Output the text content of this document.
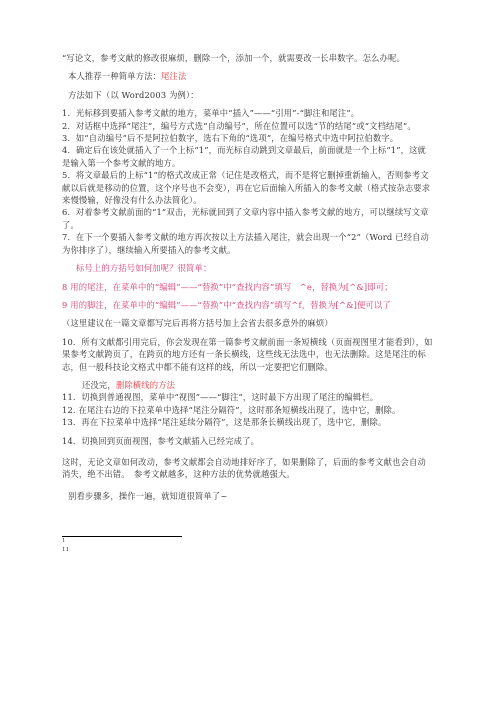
“写论文，参考文献的修改很麻烦，删除一个，添加一个，就需要改一长串数字。怎么办呢。

本人推荐一种简单方法：尾注法

方法如下（以 Word2003 为例）：

1．光标移到要插入参考文献的地方，菜单中“插入”——“引用”-“脚注和尾注”。

2．对话框中选择“尾注”，编号方式选“自动编号”，所在位置可以选“节的结尾”或“文档结尾”。

3．如“自动编号”后不是阿拉伯数字，选右下角的“选项”，在编号格式中选中阿拉伯数字。

4．确定后在该处就插入了一个上标“1”，而光标自动跳到文章最后，前面就是一个上标“1”，这就是输入第一个参考文献的地方。

5．将文章最后的上标“1”的格式改成正常（记住是改格式，而不是将它删掉重新输入，否则参考文献以后就是移动的位置，这个序号也不会变），再在它后面输入所插入的参考文献（格式按杂志要求来慢慢输，好像没有什么办法简化）。

6．对着参考文献前面的“1”双击，光标就回到了文章内容中插入参考文献的地方，可以继续写文章了。

7．在下一个要插入参考文献的地方再次按以上方法插入尾注，就会出现一个“2”（Word 已经自动为你排序了），继续输入所要插入的参考文献。

标号上的方括号如何加呢？很简单：

8 用的尾注，在菜单中的“编辑”——“替换”中“查找内容”填写　^e，替换为[^&]即可；

9 用的脚注，在菜单中的“编辑”——“替换”中“查找内容”填写^f，替换为[^&]便可以了

（这里建议在一篇文章都写完后再将方括号加上会省去很多意外的麻烦）

10．所有文献都引用完后，你会发现在第一篇参考文献前面一条短横线（页面视图里才能看到），如果参考文献跨页了，在跨页的地方还有一条长横线，这些线无法选中，也无法删除。这是尾注的标志，但一般科技论文格式中都不能有这样的线，所以一定要把它们删除。

还没完，删除横线的方法

11．切换到普通视图，菜单中“视图”——“脚注”，这时最下方出现了尾注的编辑栏。

12. 在尾注右边的下拉菜单中选择“尾注分隔符”，这时那条短横线出现了，选中它，删除。

13．再在下拉菜单中选择“尾注延续分隔符”，这是那条长横线出现了，选中它，删除。

14．切换回到页面视图，参考文献插入已经完成了。

这时，无论文章如何改动，参考文献都会自动地排好序了，如果删除了，后面的参考文献也会自动消失，绝不出错。　参考文献越多，这种方法的优势就越强大。

别看步骤多，操作一遍，就知道很简单了~

1

11
